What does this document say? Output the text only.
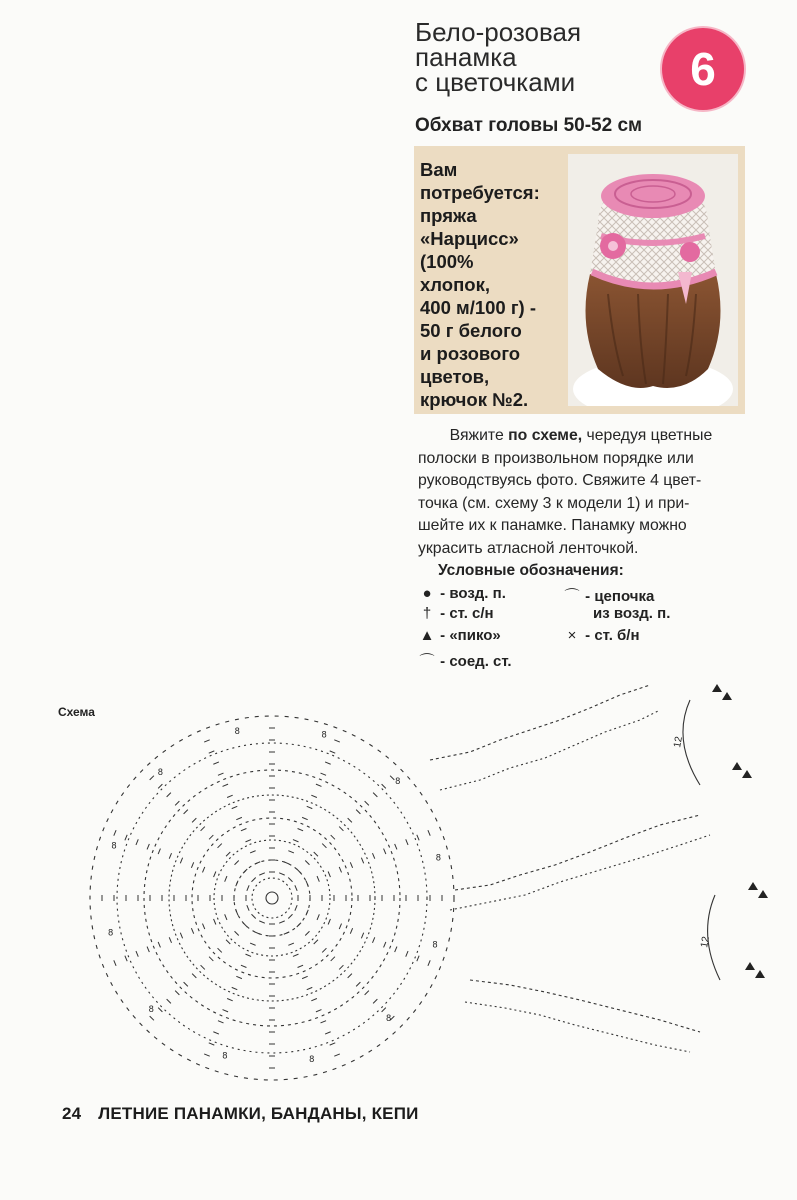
Бело-розовая
панамка
с цветочками	6
Обхват головы 50-52 см

Вам
потребуется:
пряжа
«Нарцисс»
(100%
хлопок,
400 м/100 г) -
50 г белого
и розового
цветов,
крючок №2.

  Вяжите по схеме, чередуя цветные
полоски в произвольном порядке или
руководствуясь фото. Свяжите 4 цвет-
точка (см. схему 3 к модели 1) и при-
шейте их к панамке. Панамку можно
украсить атласной ленточкой.

Условные обозначения:
● - возд. п.
† - ст. с/н
▲ - «пико»
⌒ - соед. ст.
⌒ - цепочка
из возд. п.
× - ст. б/н
Схема
8
8
8
8
8
8
8
8
8	8
8
8
12
12
24 ЛЕТНИЕ ПАНАМКИ, БАНДАНЫ, КЕПИ
